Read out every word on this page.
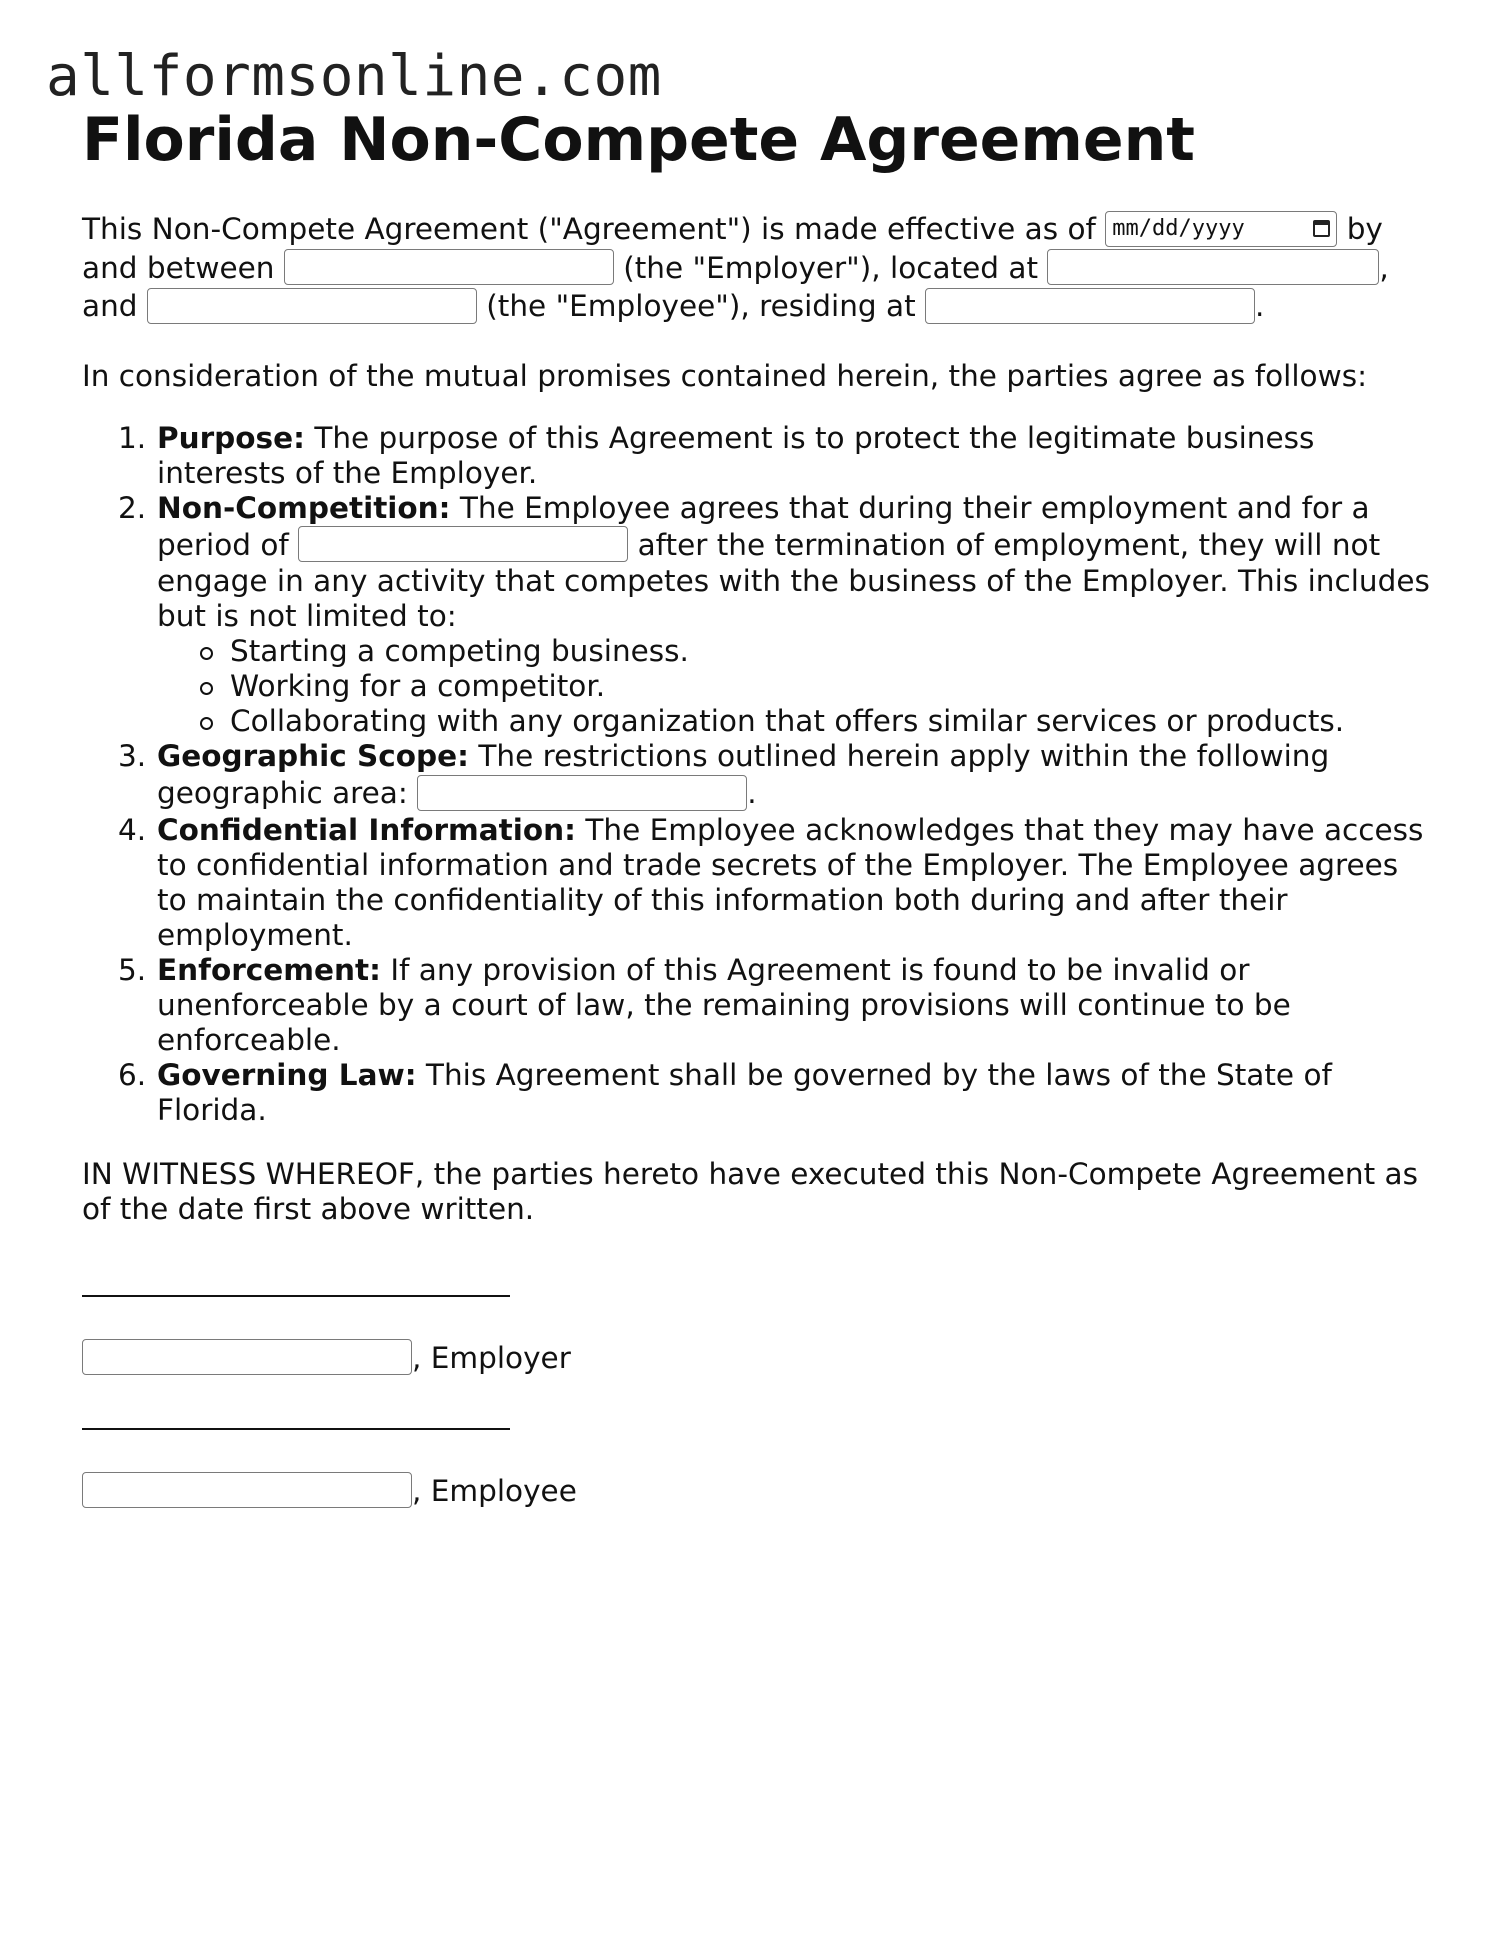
allformsonline.com
Florida Non-Compete Agreement
This Non-Compete Agreement ("Agreement") is made effective as of mm/dd/yyyy	by
and between	(the "Employer"), located at	,
and	(the "Employee"), residing at	.
In consideration of the mutual promises contained herein, the parties agree as follows:
1. Purpose: The purpose of this Agreement is to protect the legitimate business
interests of the Employer.
2. Non-Competition: The Employee agrees that during their employment and for a
period of	after the termination of employment, they will not
engage in any activity that competes with the business of the Employer. This includes
but is not limited to:
Starting a competing business.
Working for a competitor.
Collaborating with any organization that offers similar services or products.
3. Geographic Scope: The restrictions outlined herein apply within the following
geographic area:	.
4. Confidential Information: The Employee acknowledges that they may have access
to confidential information and trade secrets of the Employer. The Employee agrees
to maintain the confidentiality of this information both during and after their
employment.
5. Enforcement: If any provision of this Agreement is found to be invalid or
unenforceable by a court of law, the remaining provisions will continue to be
enforceable.
6. Governing Law: This Agreement shall be governed by the laws of the State of
Florida.
IN WITNESS WHEREOF, the parties hereto have executed this Non-Compete Agreement as
of the date first above written.
, Employer
, Employee
